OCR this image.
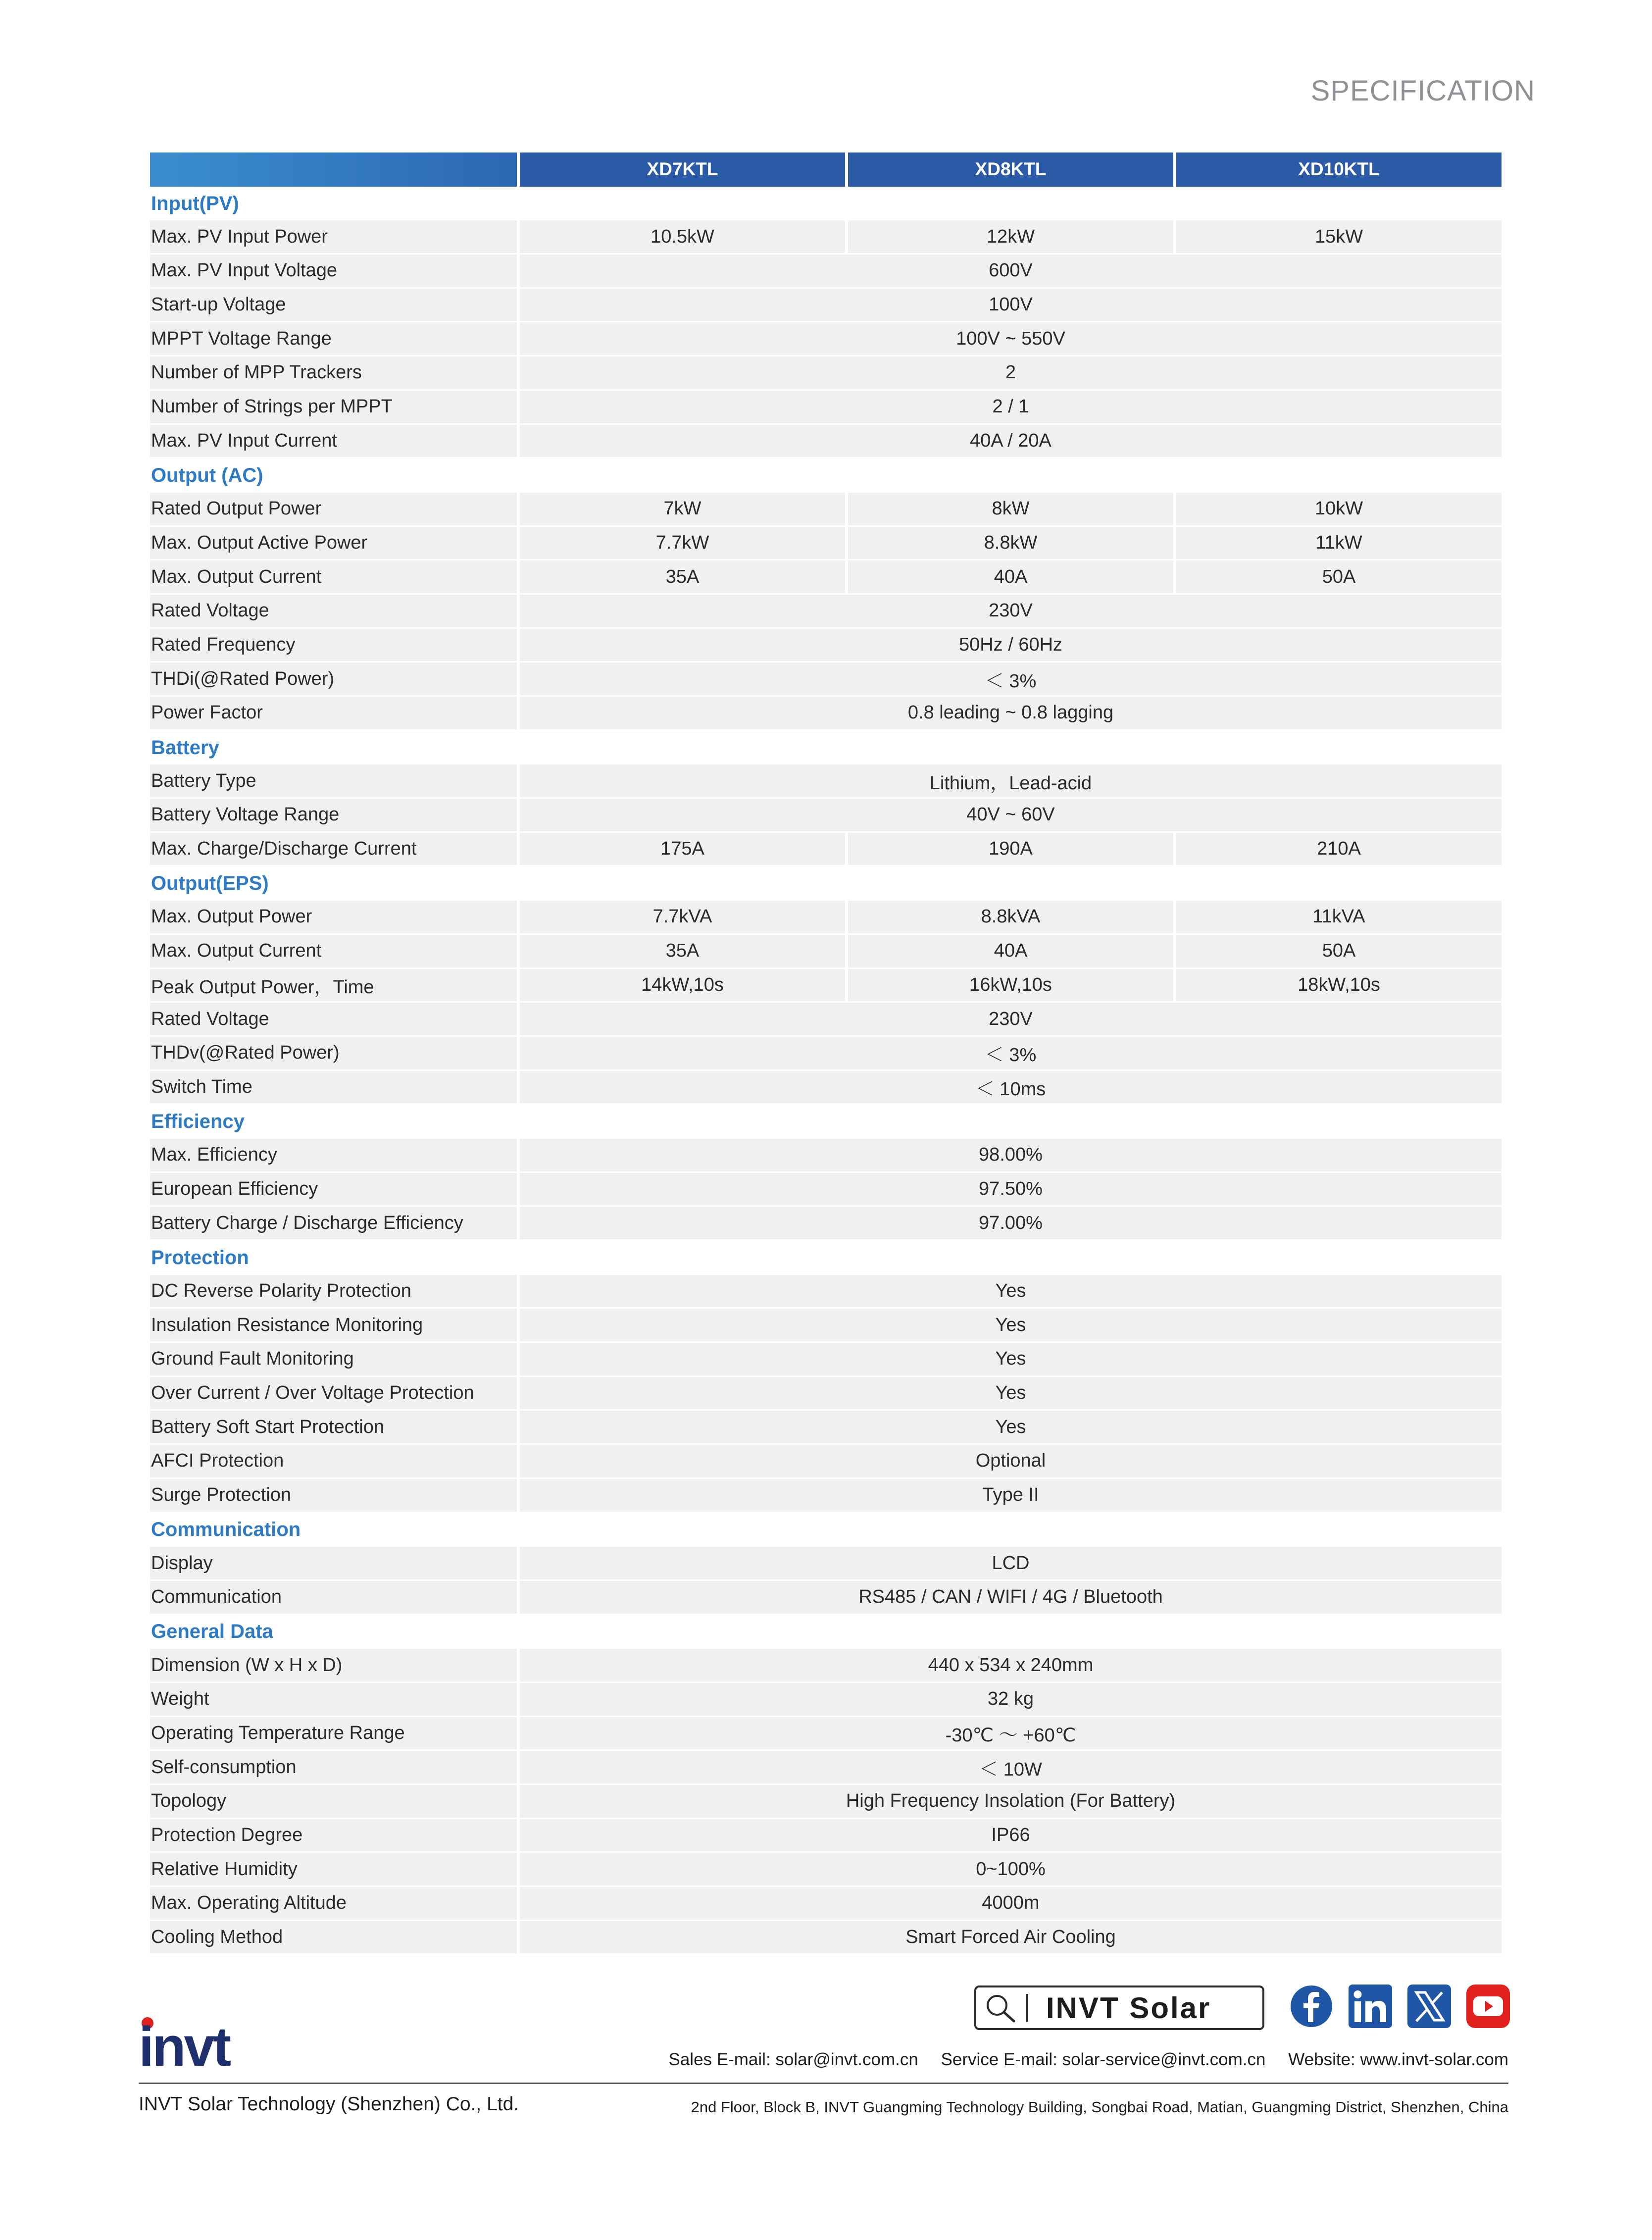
SPECIFICATION
XD7KTL	XD8KTL	XD10KTL
Input(PV)
Max. PV Input Power	10.5kW	12kW	15kW
Max. PV Input Voltage	600V
Start-up Voltage	100V
MPPT Voltage Range	100V ~ 550V
Number of MPP Trackers	2
Number of Strings per MPPT	2 / 1
Max. PV Input Current	40A / 20A
Output (AC)
Rated Output Power	7kW	8kW	10kW
Max. Output Active Power	7.7kW	8.8kW	11kW
Max. Output Current	35A	40A	50A
Rated Voltage	230V
Rated Frequency	50Hz / 60Hz
THDi(@Rated Power)	＜ 3%
Power Factor	0.8 leading ~ 0.8 lagging
Battery
Battery Type	Lithium，Lead-acid
Battery Voltage Range	40V ~ 60V
Max. Charge/Discharge Current	175A	190A	210A
Output(EPS)
Max. Output Power	7.7kVA	8.8kVA	11kVA
Max. Output Current	35A	40A	50A
Peak Output Power，Time	14kW,10s	16kW,10s	18kW,10s
Rated Voltage	230V
THDv(@Rated Power)	＜ 3%
Switch Time	＜ 10ms
Efficiency
Max. Efficiency	98.00%
European Efficiency	97.50%
Battery Charge / Discharge Efficiency	97.00%
Protection
DC Reverse Polarity Protection	Yes
Insulation Resistance Monitoring	Yes
Ground Fault Monitoring	Yes
Over Current / Over Voltage Protection	Yes
Battery Soft Start Protection	Yes
AFCI Protection	Optional
Surge Protection	Type II
Communication
Display	LCD
Communication	RS485 / CAN / WIFI / 4G / Bluetooth
General Data
Dimension (W x H x D)	440 x 534 x 240mm
Weight	32 kg
Operating Temperature Range	-30℃ ～ +60℃
Self-consumption	＜ 10W
Topology	High Frequency Insolation (For Battery)
Protection Degree	IP66
Relative Humidity	0~100%
Max. Operating Altitude	4000m
Cooling Method	Smart Forced Air Cooling
INVT Solar
invt	Sales E-mail: solar@invt.com.cn Service E-mail: solar-service@invt.com.cn Website: www.invt-solar.com
INVT Solar Technology (Shenzhen) Co., Ltd.	2nd Floor, Block B, INVT Guangming Technology Building, Songbai Road, Matian, Guangming District, Shenzhen, China
